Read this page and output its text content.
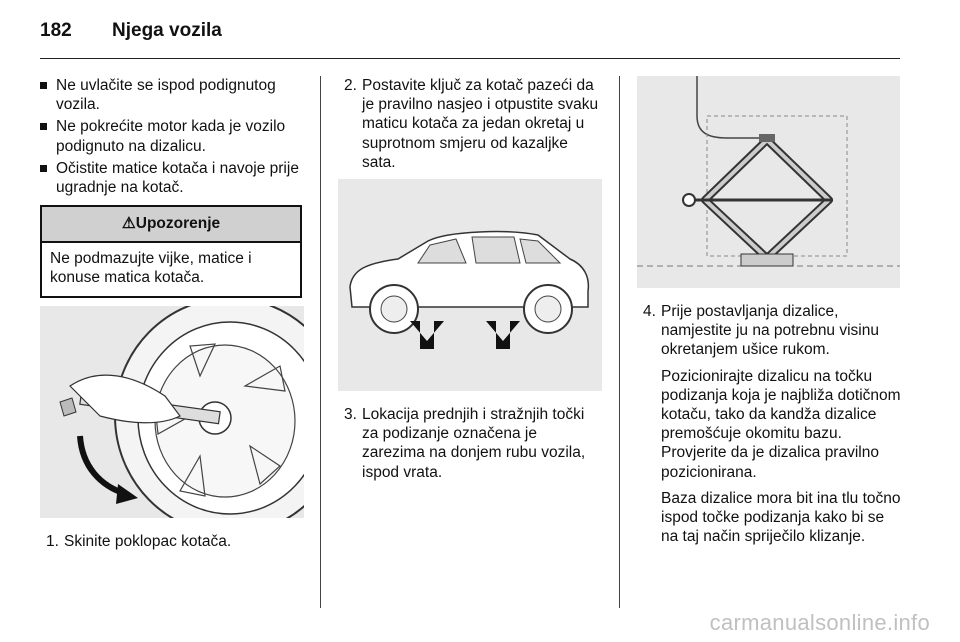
182 Njega vozila
Ne uvlačite se ispod podignutog vozila.
Ne pokrećite motor kada je vozilo podignuto na dizalicu.
Očistite matice kotača i navoje prije ugradnje na kotač.
⚠Upozorenje
Ne podmazujte vijke, matice i konuse matica kotača.
1. Skinite poklopac kotača.

2. Postavite ključ za kotač pazeći da je pravilno nasjeo i otpustite svaku maticu kotača za jedan okretaj u suprotnom smjeru od kazaljke sata.

3. Lokacija prednjih i stražnjih točki za podizanje označena je zarezima na donjem rubu vozila, ispod vrata.

4. Prije postavljanja dizalice, namjestite ju na potrebnu visinu okretanjem ušice rukom.

Pozicionirajte dizalicu na točku podizanja koja je najbliža dotičnom kotaču, tako da kandža dizalice premošćuje okomitu bazu. Provjerite da je dizalica pravilno pozicionirana.

Baza dizalice mora bit ina tlu točno ispod točke podizanja kako bi se na taj način spriječilo klizanje.

carmanualsonline.info
